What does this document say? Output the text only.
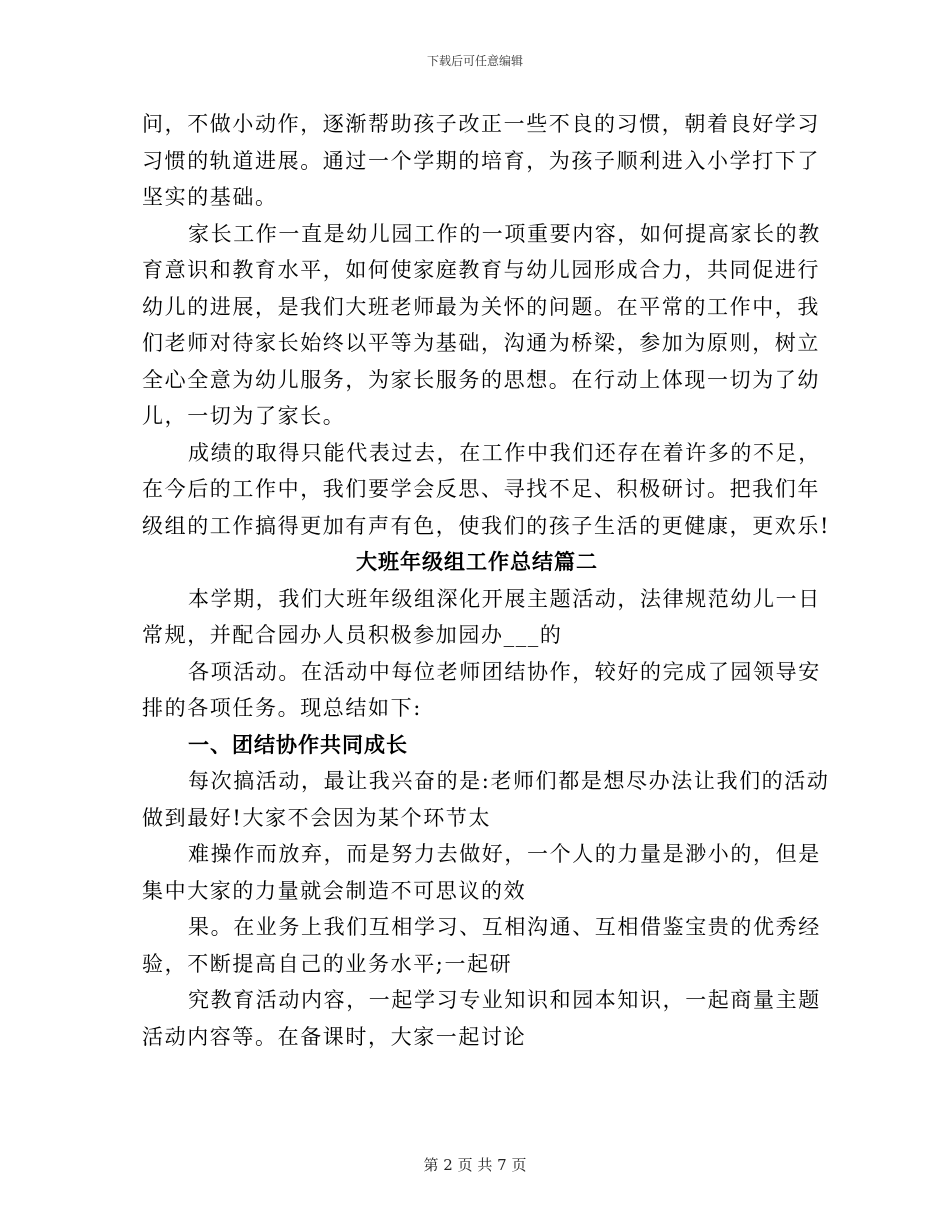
下载后可任意编辑
问，不做小动作，逐渐帮助孩子改正一些不良的习惯，朝着良好学习
习惯的轨道进展。通过一个学期的培育，为孩子顺利进入小学打下了
坚实的基础。
家长工作一直是幼儿园工作的一项重要内容，如何提高家长的教
育意识和教育水平，如何使家庭教育与幼儿园形成合力，共同促进行
幼儿的进展，是我们大班老师最为关怀的问题。在平常的工作中，我
们老师对待家长始终以平等为基础，沟通为桥梁，参加为原则，树立
全心全意为幼儿服务，为家长服务的思想。在行动上体现一切为了幼
儿，一切为了家长。
成绩的取得只能代表过去，在工作中我们还存在着许多的不足，
在今后的工作中，我们要学会反思、寻找不足、积极研讨。把我们年
级组的工作搞得更加有声有色，使我们的孩子生活的更健康，更欢乐!
大班年级组工作总结篇二
本学期，我们大班年级组深化开展主题活动，法律规范幼儿一日
常规，并配合园办人员积极参加园办___的
各项活动。在活动中每位老师团结协作，较好的完成了园领导安
排的各项任务。现总结如下:
一、团结协作共同成长
每次搞活动，最让我兴奋的是:老师们都是想尽办法让我们的活动
做到最好!大家不会因为某个环节太
难操作而放弃，而是努力去做好，一个人的力量是渺小的，但是
集中大家的力量就会制造不可思议的效
果。在业务上我们互相学习、互相沟通、互相借鉴宝贵的优秀经
验，不断提高自己的业务水平;一起研
究教育活动内容，一起学习专业知识和园本知识，一起商量主题
活动内容等。在备课时，大家一起讨论
第 2 页 共 7 页
